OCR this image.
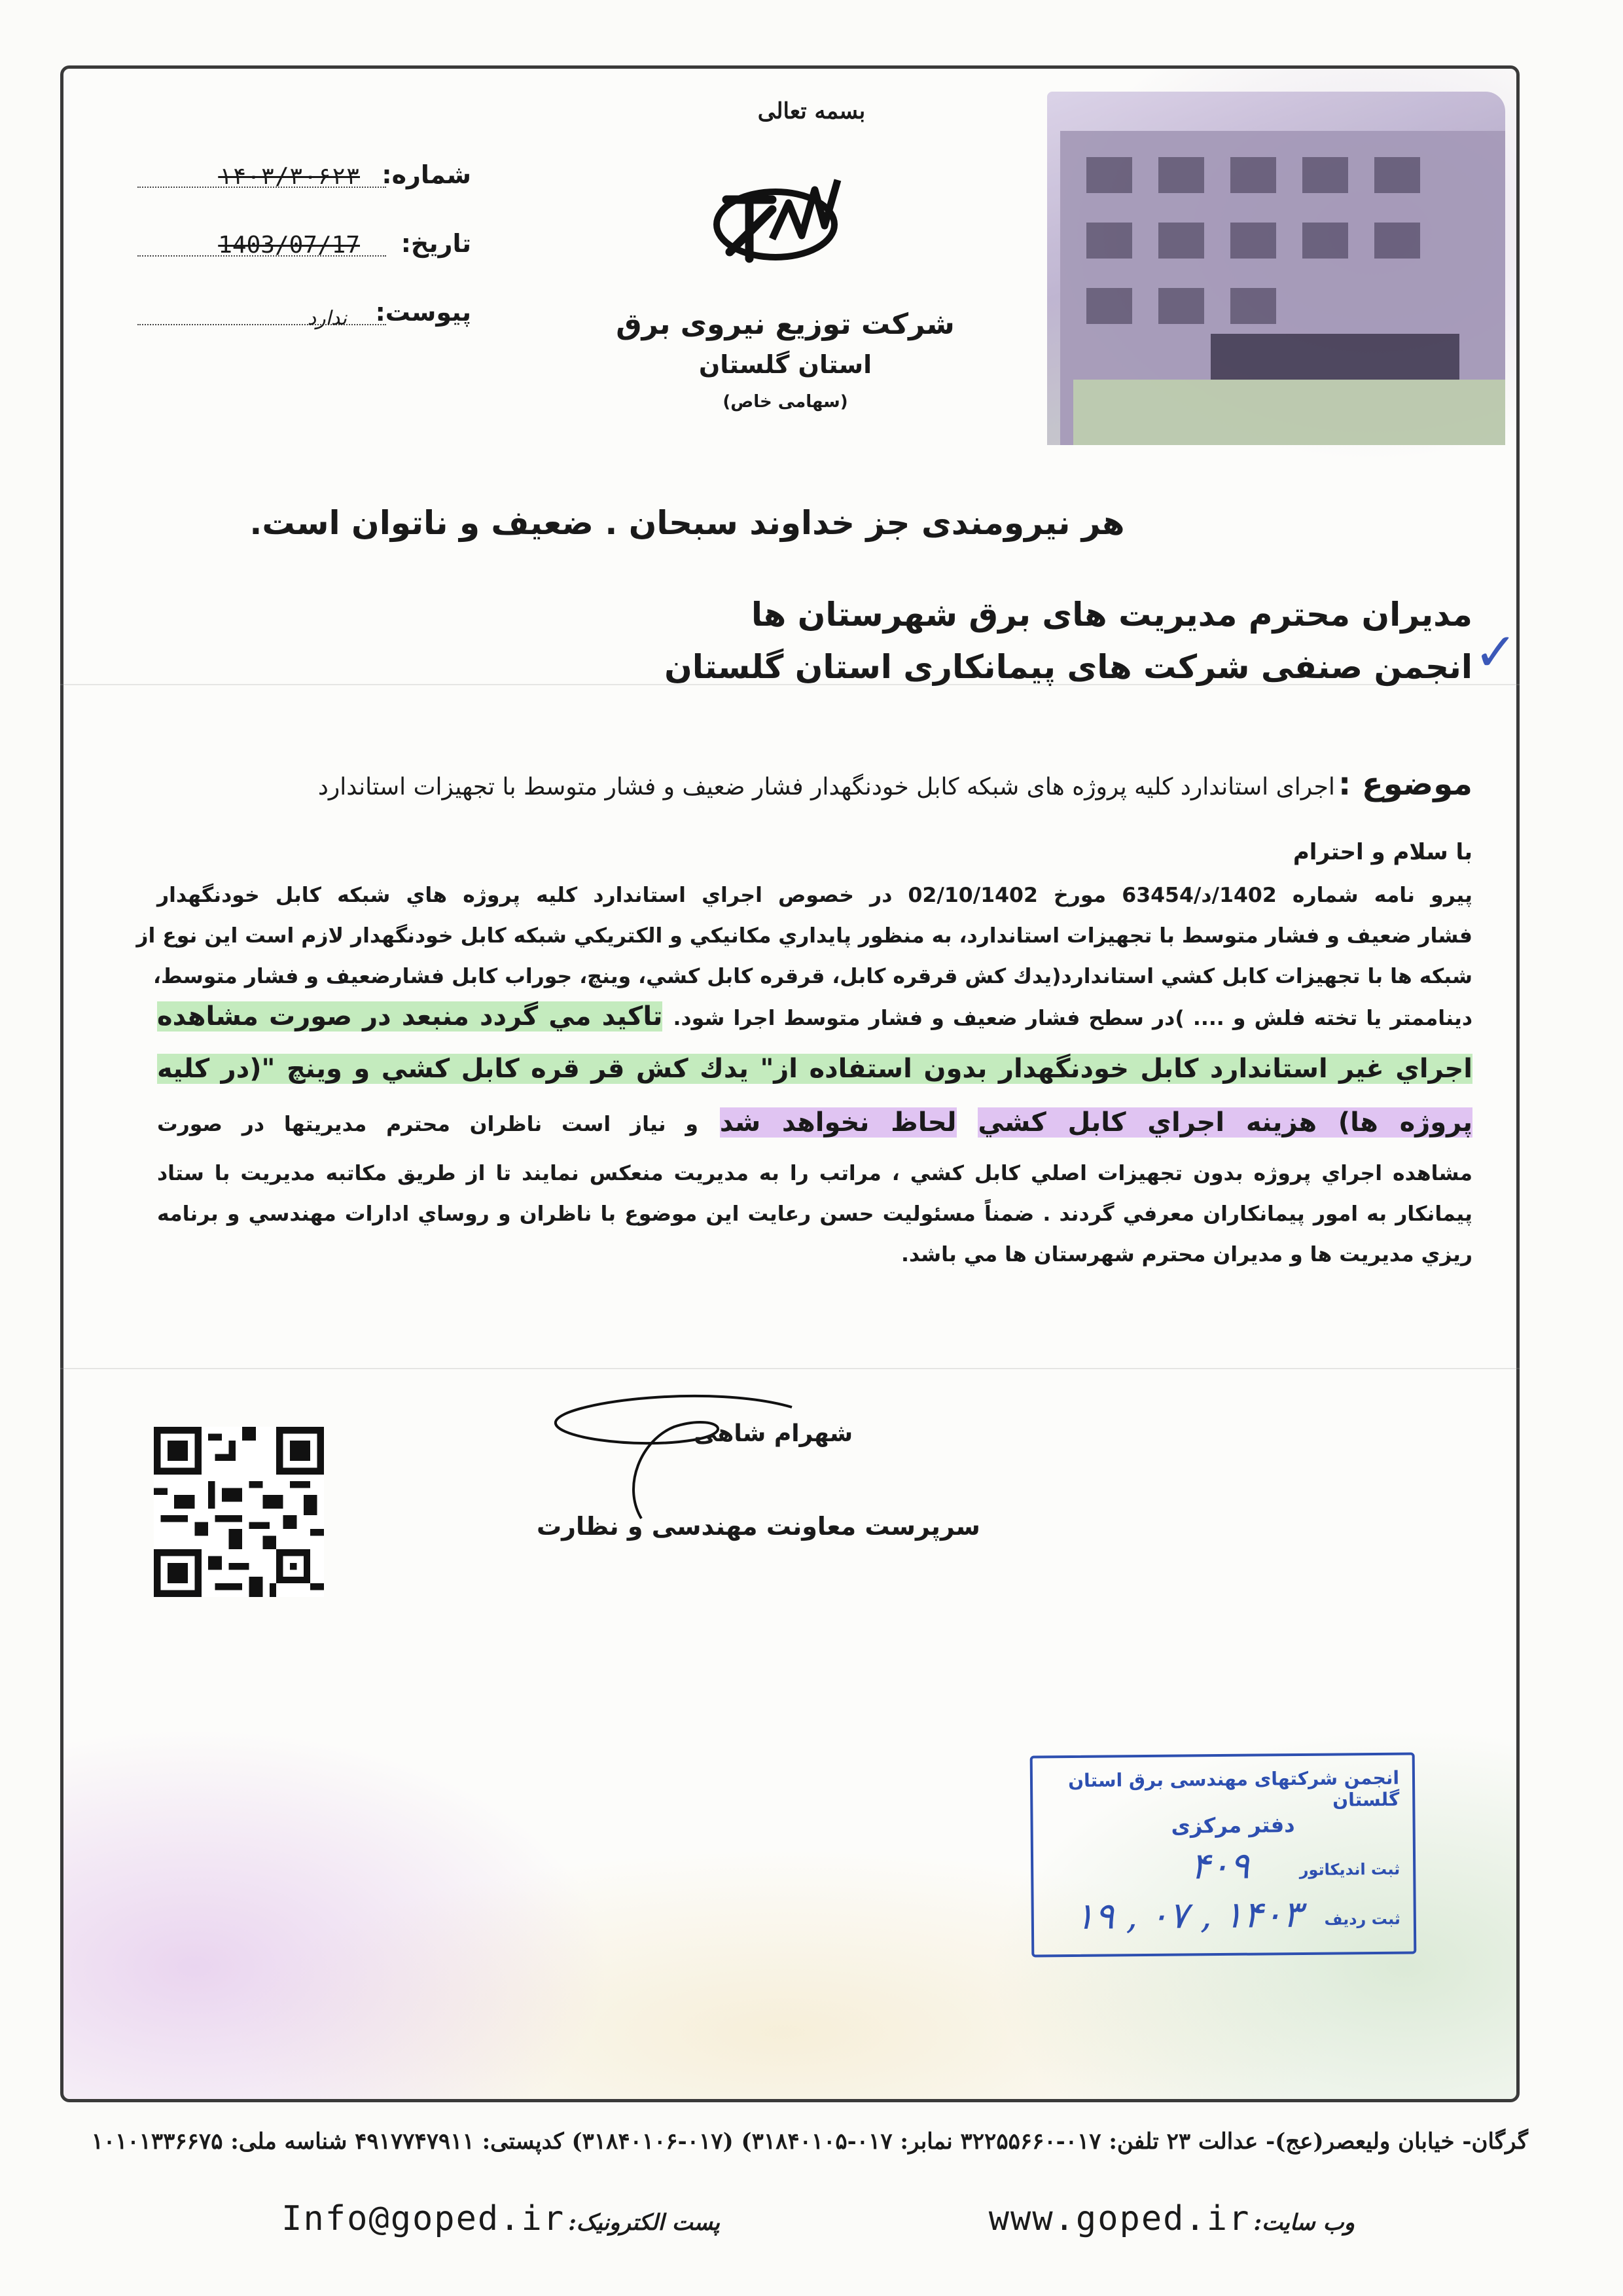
بسمه تعالی
شرکت توزیع نیروی برق
استان گلستان
(سهامی خاص)
شماره:
۱۴۰۳/۳۰۶۲۳
تاریخ:
1403/07/17
پیوست:
ندارد
هر نیرومندی جز خداوند سبحان . ضعیف و ناتوان است.
مدیران محترم مدیریت های برق شهرستان ها
انجمن صنفی شرکت های پیمانکاری استان گلستان ✓
موضوع : اجرای استاندارد کلیه پروژه های شبکه کابل خودنگهدار فشار ضعیف و فشار متوسط با تجهیزات استاندارد
با سلام و احترام
پیرو نامه شماره 1402/د/63454 مورخ 02/10/1402 در خصوص اجراي استاندارد كليه پروژه هاي شبكه كابل خودنگهدار
فشار ضعيف و فشار متوسط با تجهيزات استاندارد، به منظور پايداري مكانيكي و الكتريكي شبكه كابل خودنگهدار لازم است اين نوع از
شبكه ها با تجهيزات كابل كشي استاندارد(يدك كش قرقره كابل، قرقره كابل كشي، وينچ، جوراب كابل فشارضعيف و فشار متوسط،
ديناممتر يا تخته فلش و .... )در سطح فشار ضعيف و فشار متوسط اجرا شود. تاكيد مي گردد منبعد در صورت مشاهده
اجراي غير استاندارد كابل خودنگهدار بدون استفاده از" يدك كش قر قره كابل كشي و وينچ "(در كليه
پروژه ها) هزينه اجراي كابل كشي لحاظ نخواهد شد و نياز است ناظران محترم مديريتها در صورت
مشاهده اجراي پروژه بدون تجهيزات اصلي كابل كشي ، مراتب را به مديريت منعكس نمايند تا از طريق مكاتبه مديريت با ستاد
پيمانكار به امور پيمانكاران معرفي گردند . ضمناً مسئوليت حسن رعايت اين موضوع با ناظران و روساي ادارات مهندسي و برنامه
ريزي مديريت ها و مديران محترم شهرستان ها مي باشد.
شهرام شاهی
سرپرست معاونت مهندسی و نظارت
انجمن شرکتهای مهندسی برق استان گلستان
دفتر مرکزی
ثبت اندیکاتور
۴۰۹
ثبت ردیف
۱۴۰۳ , ۰۷ , ۱۹
گرگان- خیابان ولیعصر(عج)- عدالت ۲۳ تلفن: ۰۱۷-۳۲۲۵۵۶۶۰ نمابر: ۰۱۷-۳۱۸۴۰۱۰۵) (۰۱۷-۳۱۸۴۰۱۰۶) کدپستی: ۴۹۱۷۷۴۷۹۱۱ شناسه ملی: ۱۰۱۰۱۳۳۶۶۷۵
وب سایت: www.goped.ir
پست الکترونیک: Info@goped.ir
